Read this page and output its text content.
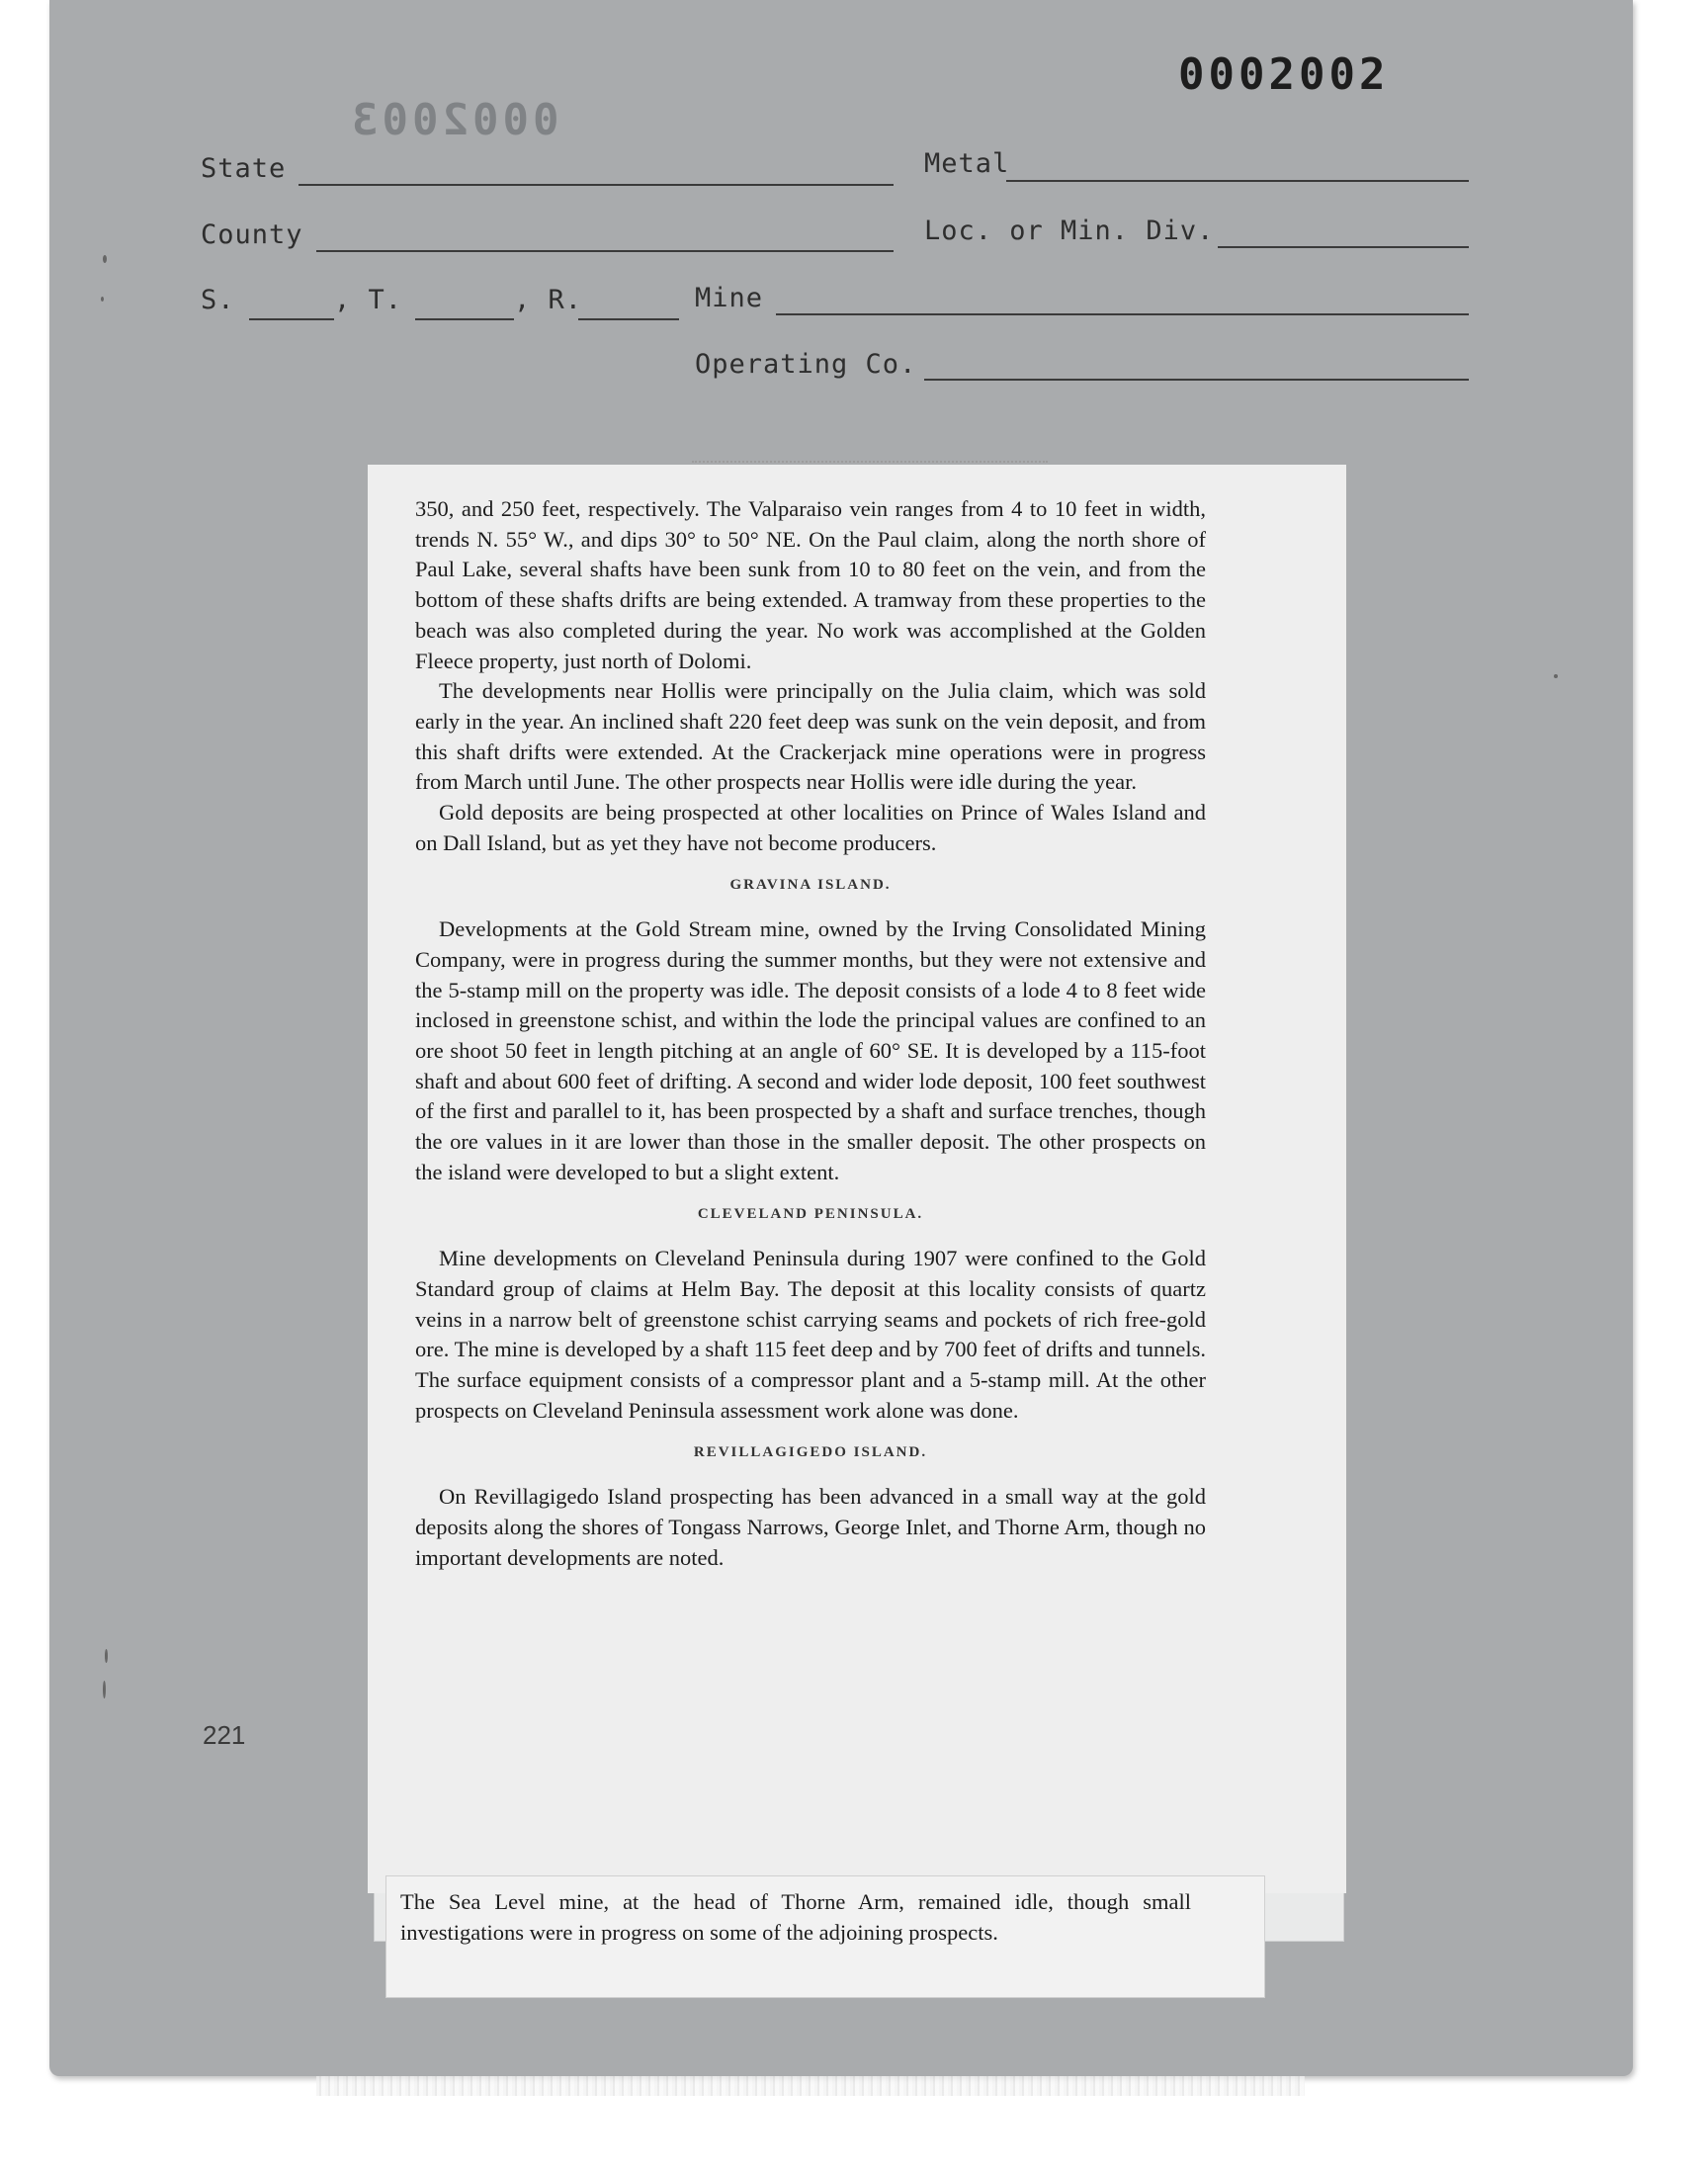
0002002
0002003
State	Metal
County	Loc. or Min. Div.
S.	, T.	, R.	Mine
Operating Co.
221

350, and 250 feet, respectively. The Valparaiso vein ranges from 4 to 10 feet in width, trends N. 55° W., and dips 30° to 50° NE. On the Paul claim, along the north shore of Paul Lake, several shafts have been sunk from 10 to 80 feet on the vein, and from the bottom of these shafts drifts are being extended. A tramway from these properties to the beach was also completed during the year. No work was accomplished at the Golden Fleece property, just north of Dolomi.

The developments near Hollis were principally on the Julia claim, which was sold early in the year. An inclined shaft 220 feet deep was sunk on the vein deposit, and from this shaft drifts were extended. At the Crackerjack mine operations were in progress from March until June. The other prospects near Hollis were idle during the year.

Gold deposits are being prospected at other localities on Prince of Wales Island and on Dall Island, but as yet they have not become producers.

GRAVINA ISLAND.

Developments at the Gold Stream mine, owned by the Irving Consolidated Mining Company, were in progress during the summer months, but they were not extensive and the 5-stamp mill on the property was idle. The deposit consists of a lode 4 to 8 feet wide inclosed in greenstone schist, and within the lode the principal values are confined to an ore shoot 50 feet in length pitching at an angle of 60° SE. It is developed by a 115-foot shaft and about 600 feet of drifting. A second and wider lode deposit, 100 feet southwest of the first and parallel to it, has been prospected by a shaft and surface trenches, though the ore values in it are lower than those in the smaller deposit. The other prospects on the island were developed to but a slight extent.

CLEVELAND PENINSULA.

Mine developments on Cleveland Peninsula during 1907 were confined to the Gold Standard group of claims at Helm Bay. The deposit at this locality consists of quartz veins in a narrow belt of greenstone schist carrying seams and pockets of rich free-gold ore. The mine is developed by a shaft 115 feet deep and by 700 feet of drifts and tunnels. The surface equipment consists of a compressor plant and a 5-stamp mill. At the other prospects on Cleveland Peninsula assessment work alone was done.

REVILLAGIGEDO ISLAND.

On Revillagigedo Island prospecting has been advanced in a small way at the gold deposits along the shores of Tongass Narrows, George Inlet, and Thorne Arm, though no important developments are noted.

The Sea Level mine, at the head of Thorne Arm, remained idle, though small investigations were in progress on some of the adjoining prospects.
